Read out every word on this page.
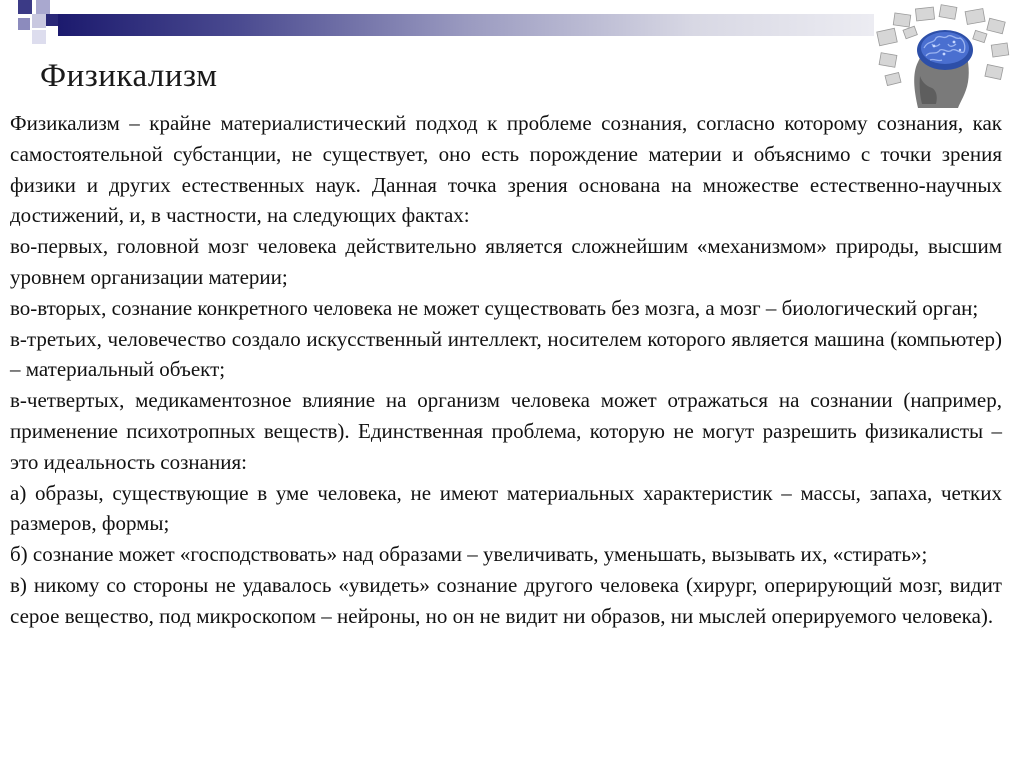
Физикализм

Физикализм – крайне материалистический подход к проблеме сознания, согласно которому сознания, как самостоятельной субстанции, не существует, оно есть порождение материи и объяснимо с точки зрения физики и других естественных наук. Данная точка зрения основана на множестве естественно-научных достижений, и, в частности, на следующих фактах:

во-первых, головной мозг человека действительно является сложнейшим «механизмом» природы, высшим уровнем организации материи;

во-вторых, сознание конкретного человека не может существовать без мозга, а мозг – биологический орган;

в-третьих, человечество создало искусственный интеллект, носителем которого является машина (компьютер) – материальный объект;

в-четвертых, медикаментозное влияние на организм человека может отражаться на сознании (например, применение психотропных веществ). Единственная проблема, которую не могут разрешить физикалисты – это идеальность сознания:

а) образы, существующие в уме человека, не имеют материальных характеристик – массы, запаха, четких размеров, формы;

б) сознание может «господствовать» над образами – увеличивать, уменьшать, вызывать их, «стирать»;

в) никому со стороны не удавалось «увидеть» сознание другого человека (хирург, оперирующий мозг, видит серое вещество, под микроскопом – нейроны, но он не видит ни образов, ни мыслей оперируемого человека).
